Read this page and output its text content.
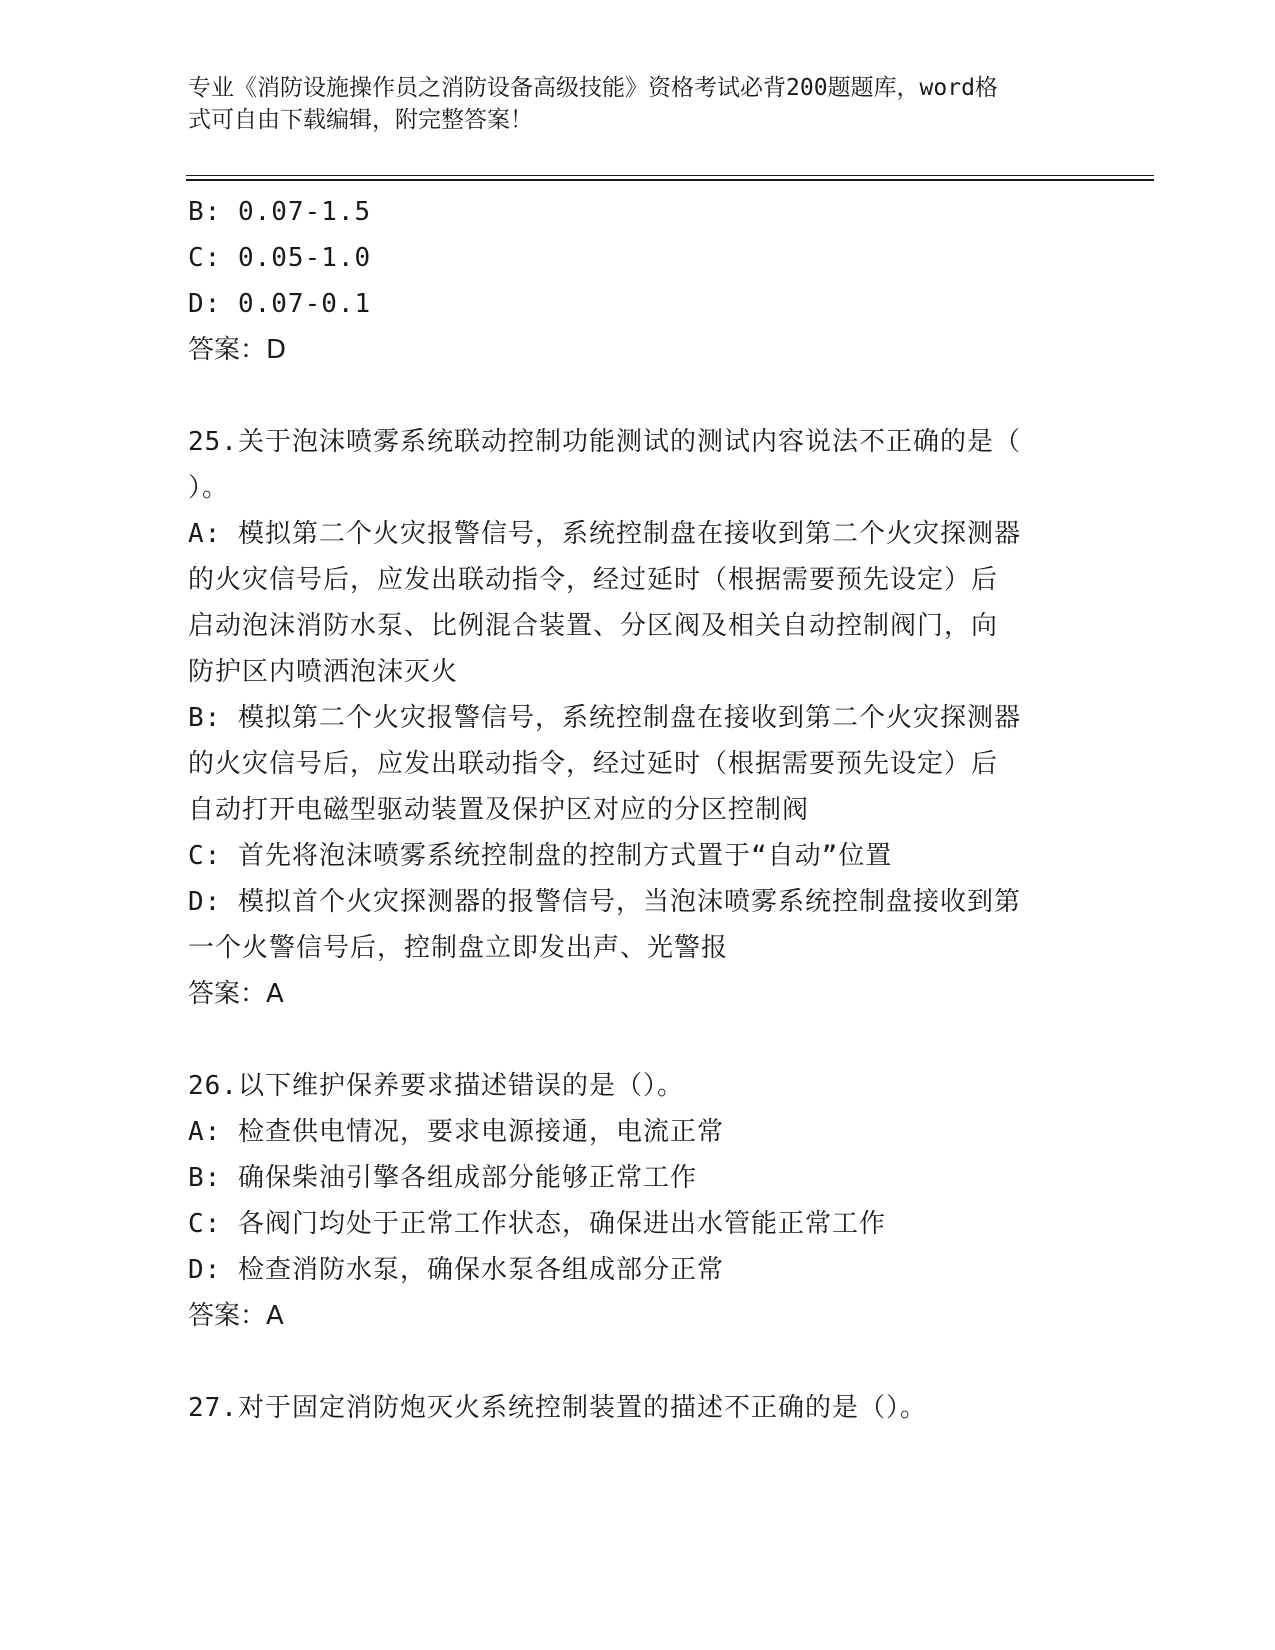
专业《消防设施操作员之消防设备高级技能》资格考试必背200题题库，word格
式可自由下载编辑，附完整答案！
B: 0.07-1.5
C: 0.05-1.0
D: 0.07-0.1
答案：D
25.关于泡沫喷雾系统联动控制功能测试的测试内容说法不正确的是（
）。
A: 模拟第二个火灾报警信号，系统控制盘在接收到第二个火灾探测器
的火灾信号后，应发出联动指令，经过延时（根据需要预先设定）后
启动泡沫消防水泵、比例混合装置、分区阀及相关自动控制阀门，向
防护区内喷洒泡沫灭火
B: 模拟第二个火灾报警信号，系统控制盘在接收到第二个火灾探测器
的火灾信号后，应发出联动指令，经过延时（根据需要预先设定）后
自动打开电磁型驱动装置及保护区对应的分区控制阀
C: 首先将泡沫喷雾系统控制盘的控制方式置于“自动”位置
D: 模拟首个火灾探测器的报警信号，当泡沫喷雾系统控制盘接收到第
一个火警信号后，控制盘立即发出声、光警报
答案：A
26.以下维护保养要求描述错误的是（）。
A: 检查供电情况，要求电源接通，电流正常
B: 确保柴油引擎各组成部分能够正常工作
C: 各阀门均处于正常工作状态，确保进出水管能正常工作
D: 检查消防水泵，确保水泵各组成部分正常
答案：A
27.对于固定消防炮灭火系统控制装置的描述不正确的是（）。
